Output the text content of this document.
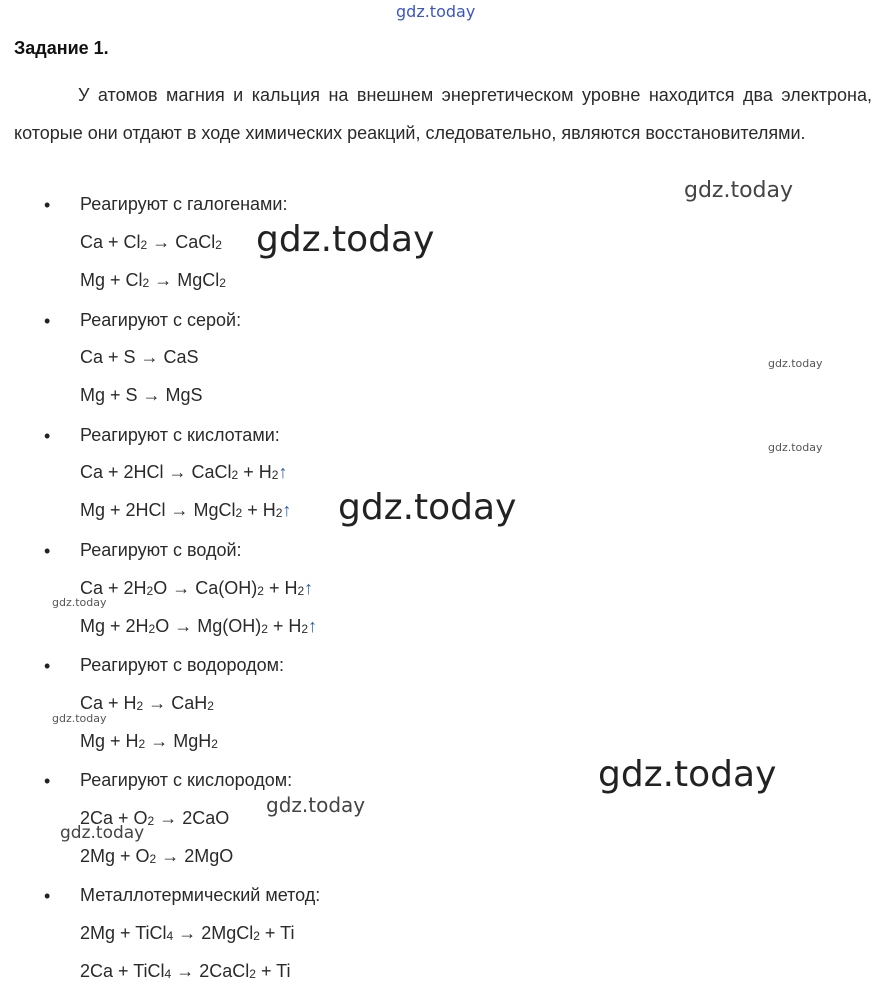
gdz.today
gdz.today
gdz.today
gdz.today
gdz.today
gdz.today
gdz.today
gdz.today
gdz.today
gdz.today
gdz.today
Задание 1.
У атомов магния и кальция на внешнем энергетическом уровне находится два электрона, которые они отдают в ходе химических реакций, следовательно, являются восстановителями.
• Реагируют с галогенами:
Ca + Cl2 → CaCl2
Mg + Cl2 → MgCl2
• Реагируют с серой:
Ca + S → CaS
Mg + S → MgS
• Реагируют с кислотами:
Ca + 2HCl → CaCl2 + H2↑
Mg + 2HCl → MgCl2 + H2↑
• Реагируют с водой:
Ca + 2H2O → Ca(OH)2 + H2↑
Mg + 2H2O → Mg(OH)2 + H2↑
• Реагируют с водородом:
Ca + H2 → CaH2
Mg + H2 → MgH2
• Реагируют с кислородом:
2Ca + O2 → 2CaO
2Mg + O2 → 2MgO
• Металлотермический метод:
2Mg + TiCl4 → 2MgCl2 + Ti
2Ca + TiCl4 → 2CaCl2 + Ti
